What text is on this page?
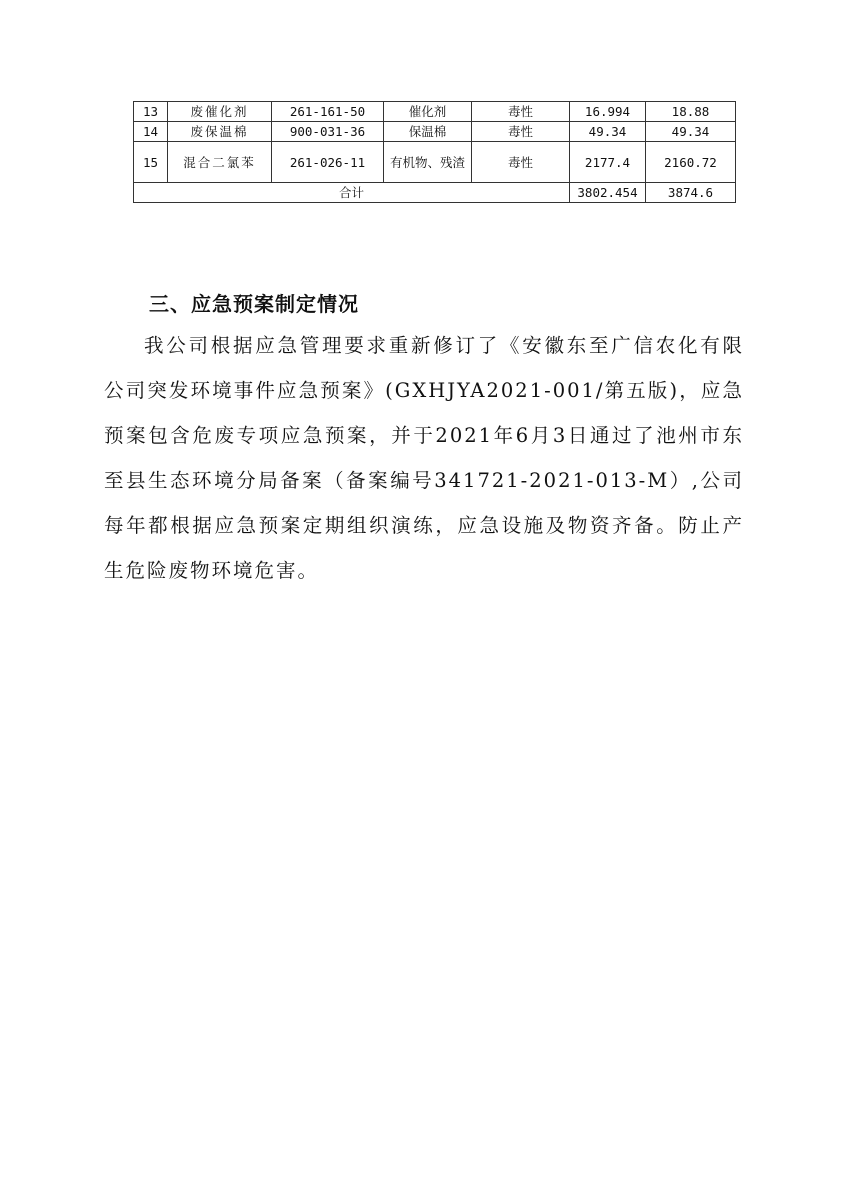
13	废催化剂	261-161-50	催化剂	毒性	16.994	18.88
14	废保温棉	900-031-36	保温棉	毒性	49.34	49.34
15	混合二氯苯	261-026-11	有机物、残渣	毒性	2177.4	2160.72
合计					3802.454	3874.6
三、应急预案制定情况

我公司根据应急管理要求重新修订了《安徽东至广信农化有限公司突发环境事件应急预案》(GXHJYA2021-001/第五版)，应急预案包含危废专项应急预案，并于2021年6月3日通过了池州市东至县生态环境分局备案（备案编号341721-2021-013-M）,公司每年都根据应急预案定期组织演练，应急设施及物资齐备。防止产生危险废物环境危害。
